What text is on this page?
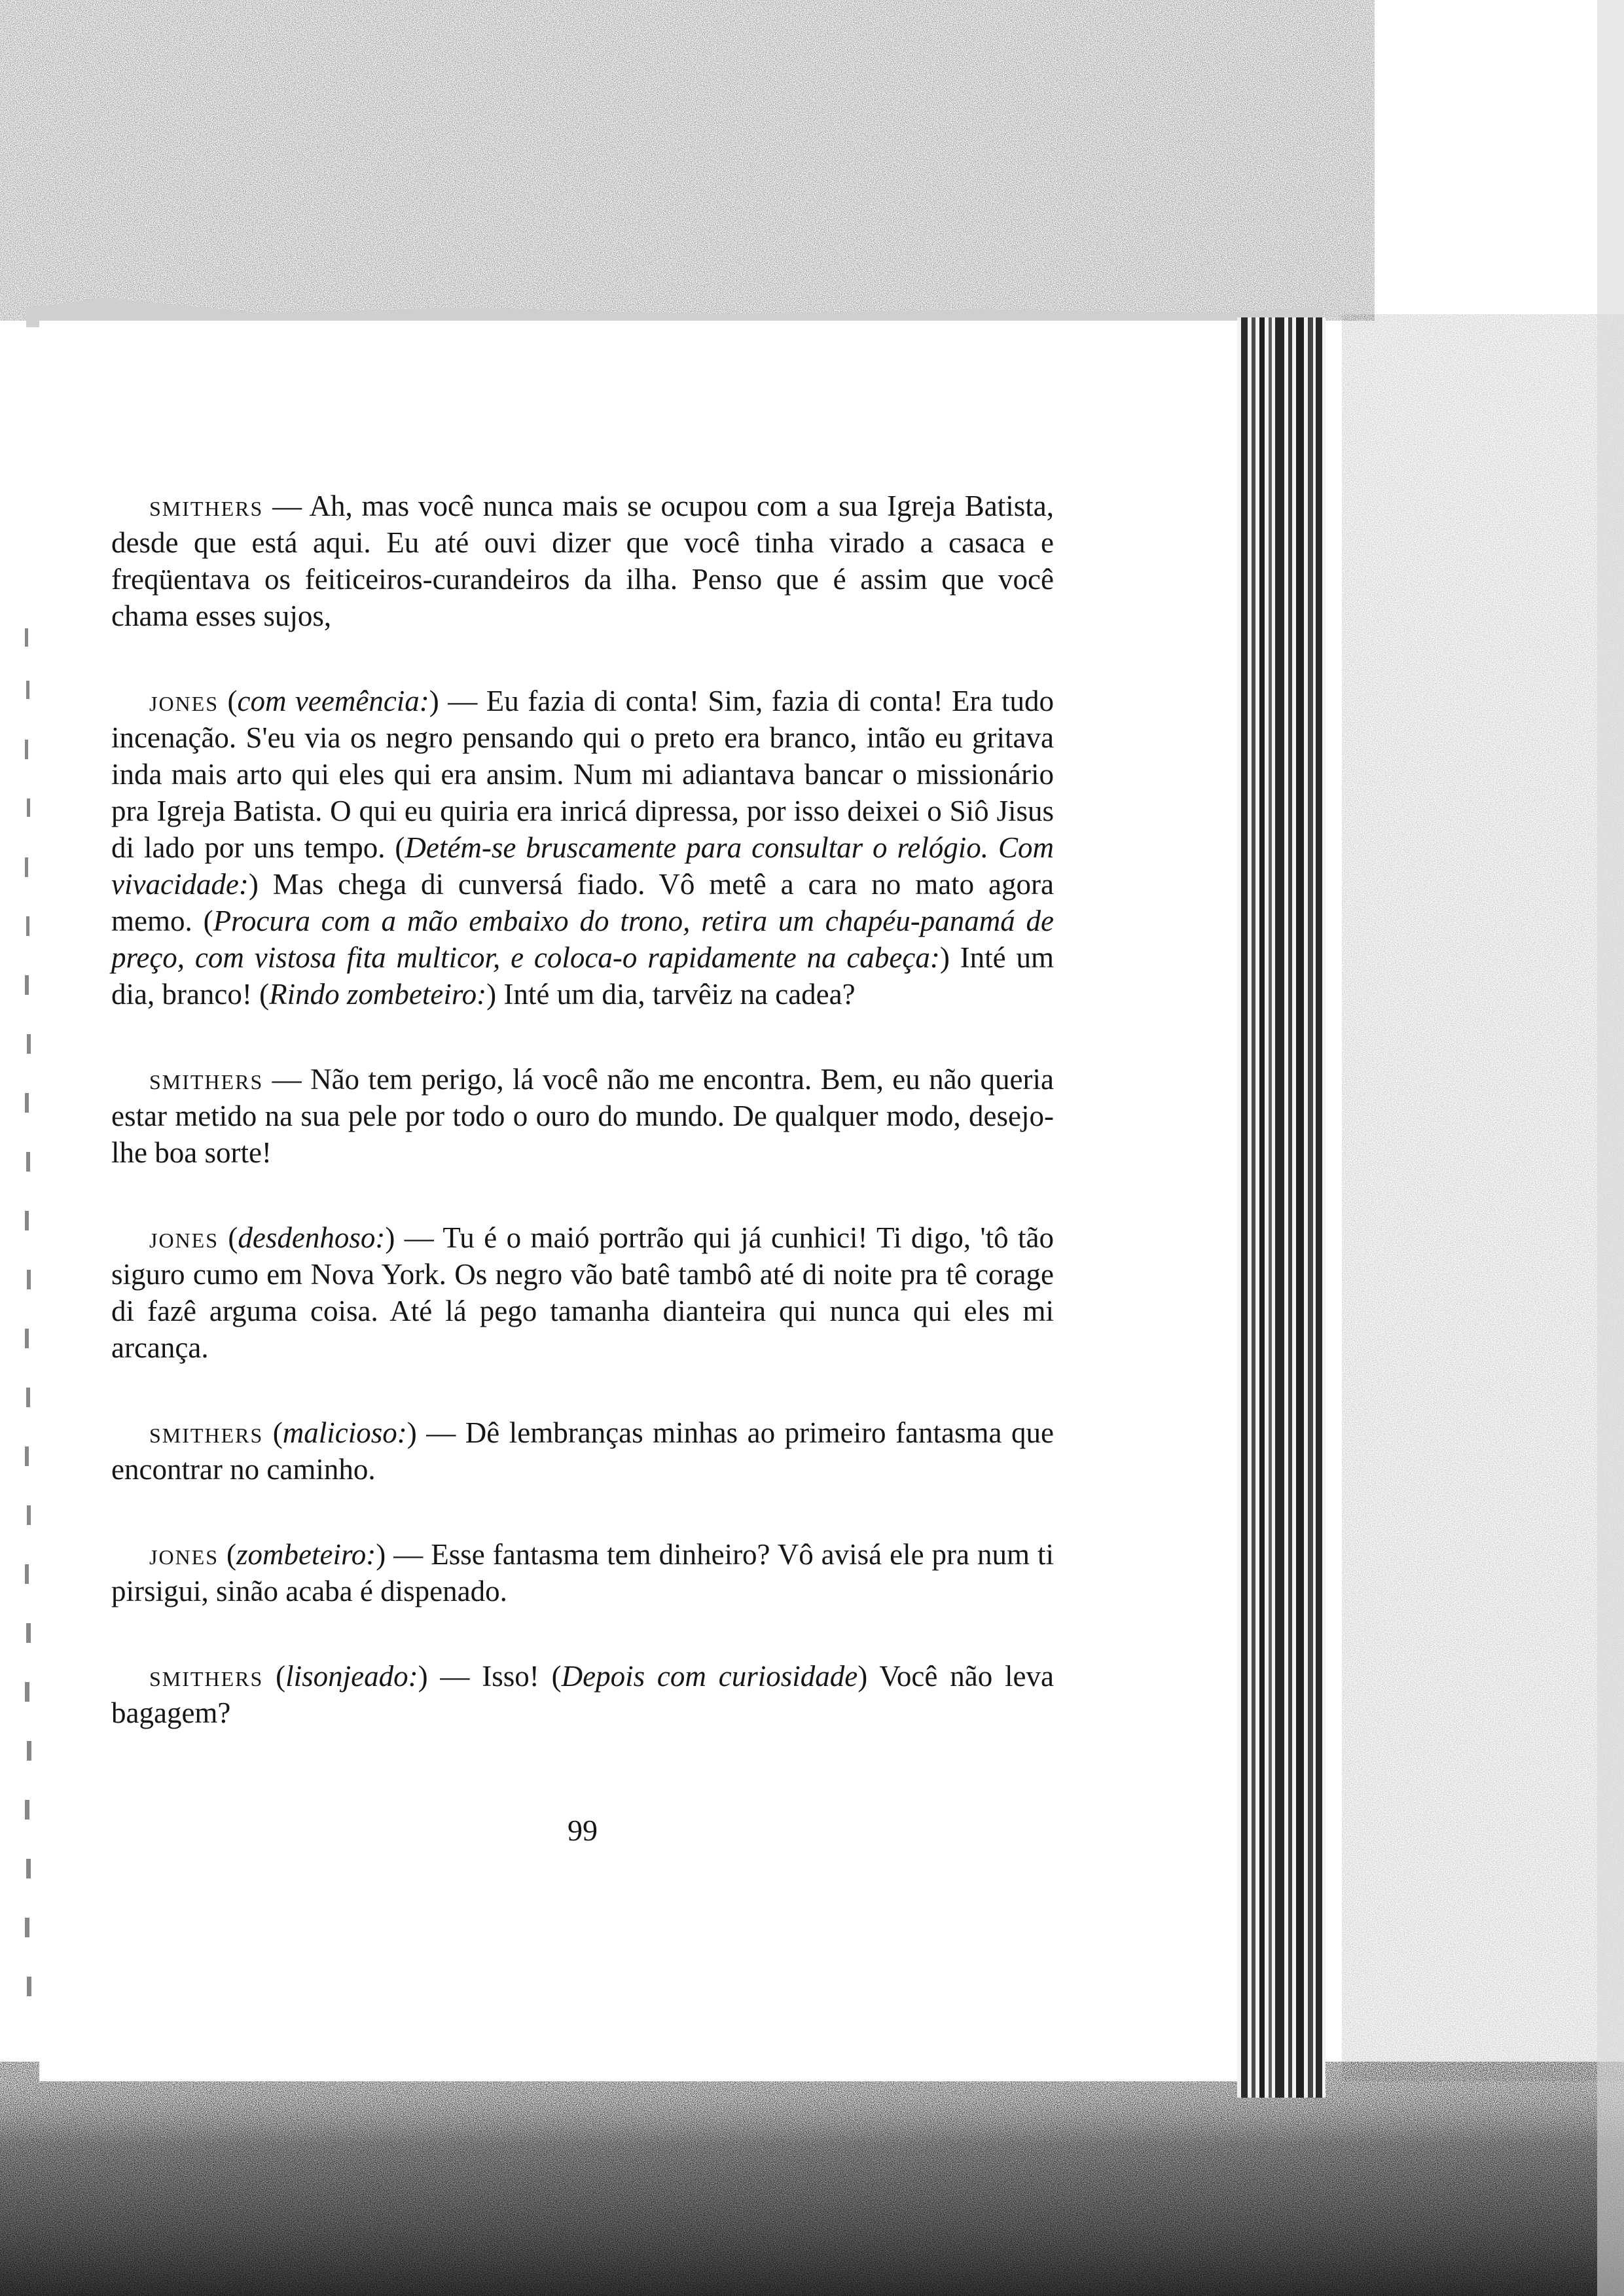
smithers — Ah, mas você nunca mais se ocupou com a sua Igreja Batista, desde que está aqui. Eu até ouvi dizer que você tinha virado a casaca e freqüentava os feiticeiros-curandeiros da ilha. Penso que é assim que você chama esses sujos,

jones (com veemência:) — Eu fazia di conta! Sim, fazia di conta! Era tudo incenação. S'eu via os negro pensando qui o preto era branco, intão eu gritava inda mais arto qui eles qui era ansim. Num mi adiantava bancar o missionário pra Igreja Batista. O qui eu quiria era inricá dipressa, por isso deixei o Siô Jisus di lado por uns tempo. (Detém-se bruscamente para consultar o relógio. Com vivacidade:) Mas chega di cunversá fiado. Vô metê a cara no mato agora memo. (Procura com a mão embaixo do trono, retira um chapéu-panamá de preço, com vistosa fita multicor, e coloca-o rapidamente na cabeça:) Inté um dia, branco! (Rindo zombeteiro:) Inté um dia, tarvêiz na cadea?

smithers — Não tem perigo, lá você não me encontra. Bem, eu não queria estar metido na sua pele por todo o ouro do mundo. De qualquer modo, desejo-lhe boa sorte!

jones (desdenhoso:) — Tu é o maió portrão qui já cunhici! Ti digo, 'tô tão siguro cumo em Nova York. Os negro vão batê tambô até di noite pra tê corage di fazê arguma coisa. Até lá pego tamanha dianteira qui nunca qui eles mi arcança.

smithers (malicioso:) — Dê lembranças minhas ao primeiro fantasma que encontrar no caminho.

jones (zombeteiro:) — Esse fantasma tem dinheiro? Vô avisá ele pra num ti pirsigui, sinão acaba é dispenado.

smithers (lisonjeado:) — Isso! (Depois com curiosidade) Você não leva bagagem?

99
